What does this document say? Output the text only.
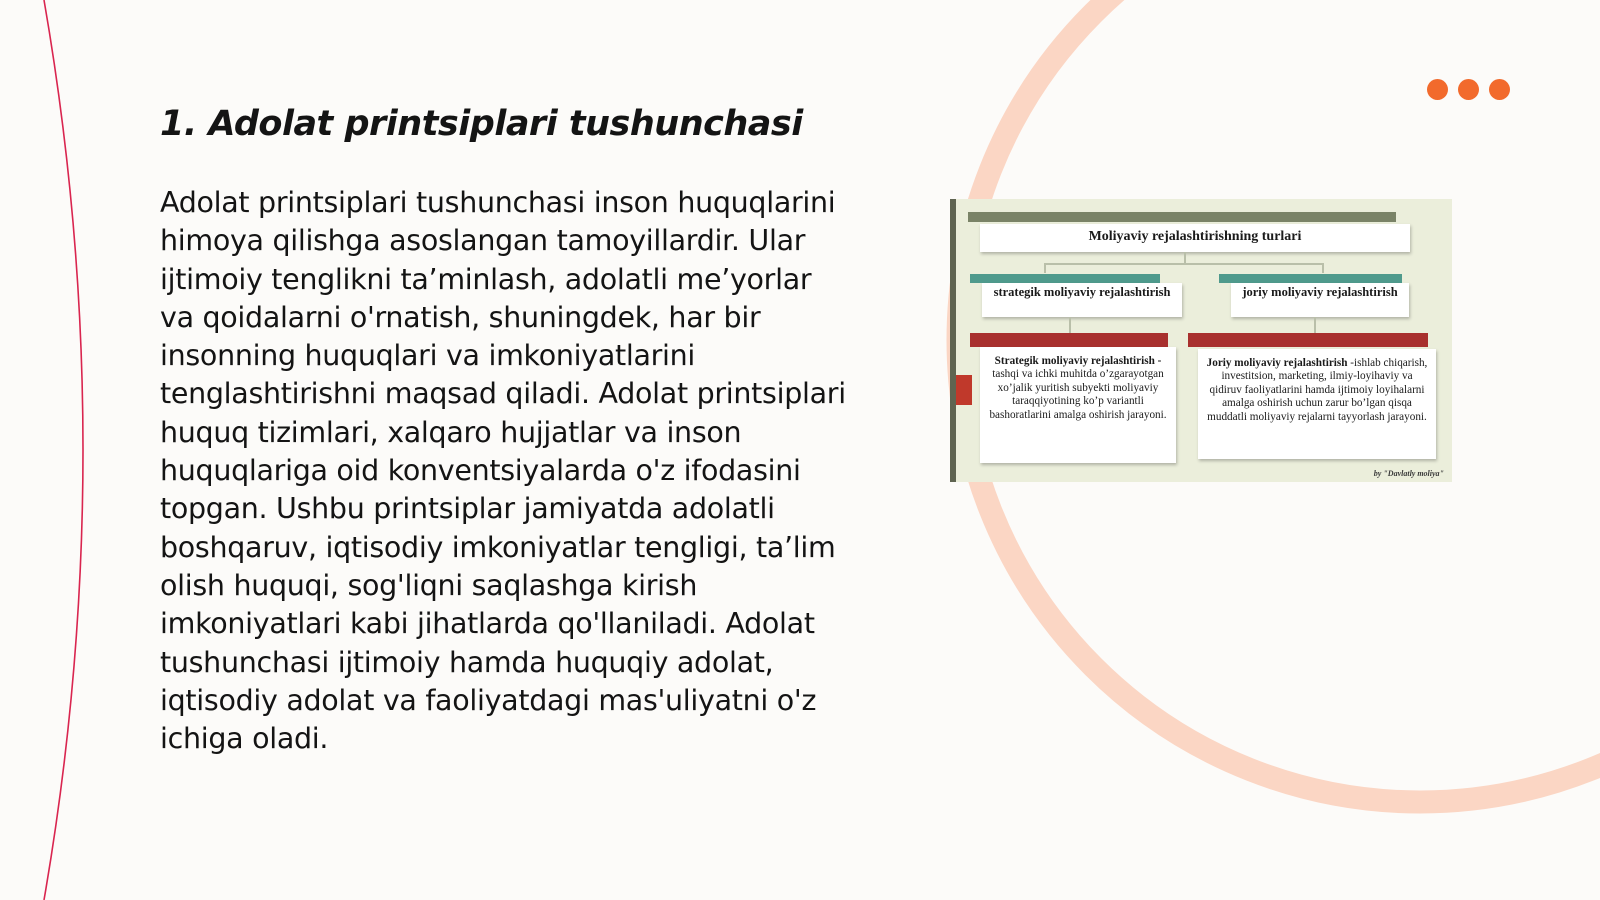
1. Adolat printsiplari tushunchasi

Adolat printsiplari tushunchasi inson huquqlarini himoya qilishga asoslangan tamoyillardir. Ular ijtimoiy tenglikni ta’minlash, adolatli me’yorlar va qoidalarni o'rnatish, shuningdek, har bir insonning huquqlari va imkoniyatlarini tenglashtirishni maqsad qiladi. Adolat printsiplari huquq tizimlari, xalqaro hujjatlar va inson huquqlariga oid konventsiyalarda o'z ifodasini topgan. Ushbu printsiplar jamiyatda adolatli boshqaruv, iqtisodiy imkoniyatlar tengligi, ta’lim olish huquqi, sog'liqni saqlashga kirish imkoniyatlari kabi jihatlarda qo'llaniladi. Adolat tushunchasi ijtimoiy hamda huquqiy adolat, iqtisodiy adolat va faoliyatdagi mas'uliyatni o'z ichiga oladi.

Moliyaviy rejalashtirishning turlari
strategik moliyaviy rejalashtirish	joriy moliyaviy rejalashtirish
Strategik moliyaviy rejalashtirish - tashqi va ichki muhitda o’zgarayotgan xo’jalik yuritish subyekti moliyaviy taraqqiyotining ko’p variantli bashoratlarini amalga oshirish jarayoni.
Joriy moliyaviy rejalashtirish -ishlab chiqarish, investitsion, marketing, ilmiy-loyihaviy va qidiruv faoliyatlarini hamda ijtimoiy loyihalarni amalga oshirish uchun zarur bo’lgan qisqa muddatli moliyaviy rejalarni tayyorlash jarayoni.
by "Davlatly moliya"
